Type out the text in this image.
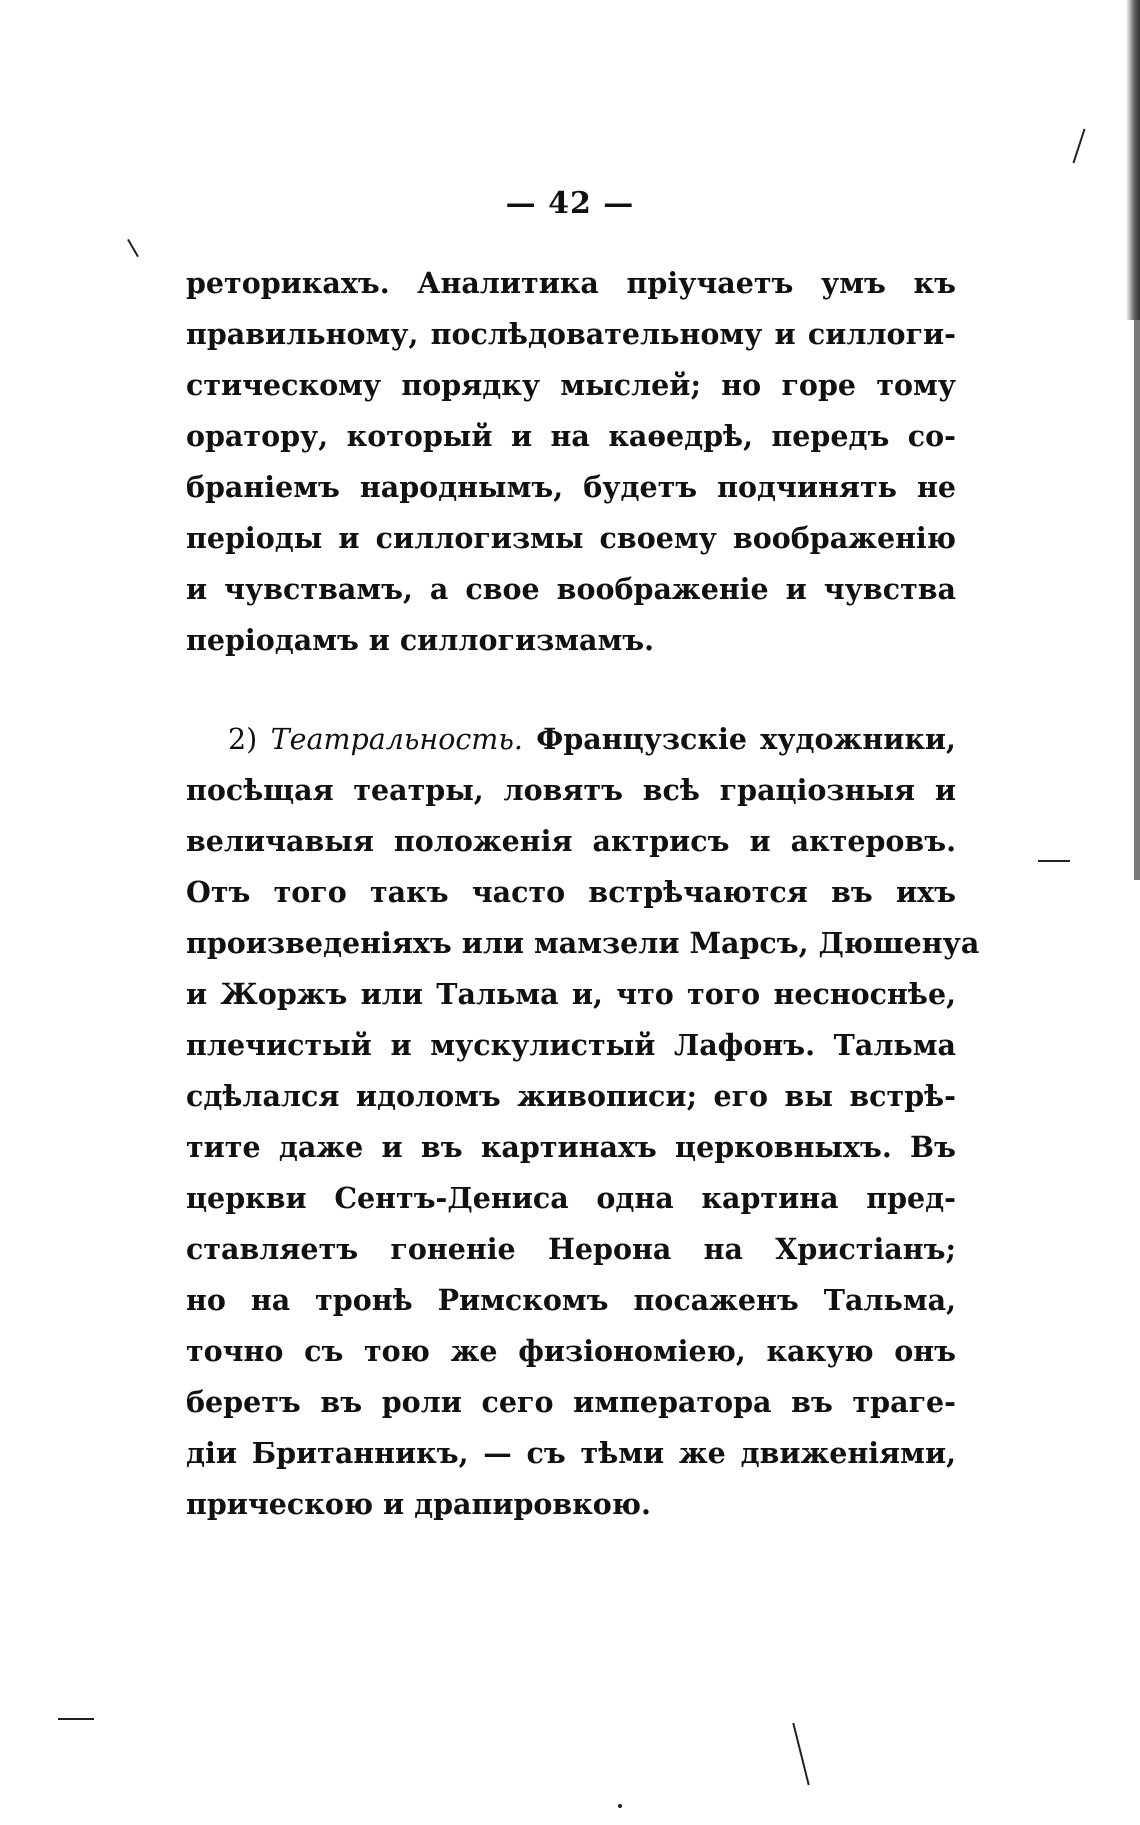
— 42 —
реторикахъ. Аналитика пріучаетъ умъ къ
правильному, послѣдовательному и силлоги-
стическому порядку мыслей; но горе тому
оратору, который и на каѳедрѣ, передъ со-
браніемъ народнымъ, будетъ подчинять не
періоды и силлогизмы своему воображенію
и чувствамъ, а свое воображеніе и чувства
періодамъ и силлогизмамъ.
2) Театральность. Французскіе художники,
посѣщая театры, ловятъ всѣ граціозныя и
величавыя положенія актрисъ и актеровъ.
Отъ того такъ часто встрѣчаются въ ихъ
произведеніяхъ или мамзели Марсъ, Дюшенуа
и Жоржъ или Тальма и, что того несноснѣе,
плечистый и мускулистый Лафонъ. Тальма
сдѣлался идоломъ живописи; его вы встрѣ-
тите даже и въ картинахъ церковныхъ. Въ
церкви Сентъ-Дениса одна картина пред-
ставляетъ гоненіе Нерона на Христіанъ;
но на тронѣ Римскомъ посаженъ Тальма,
точно съ тою же физіономіею, какую онъ
беретъ въ роли сего императора въ траге-
діи Британникъ, — съ тѣми же движеніями,
прическою и драпировкою.
